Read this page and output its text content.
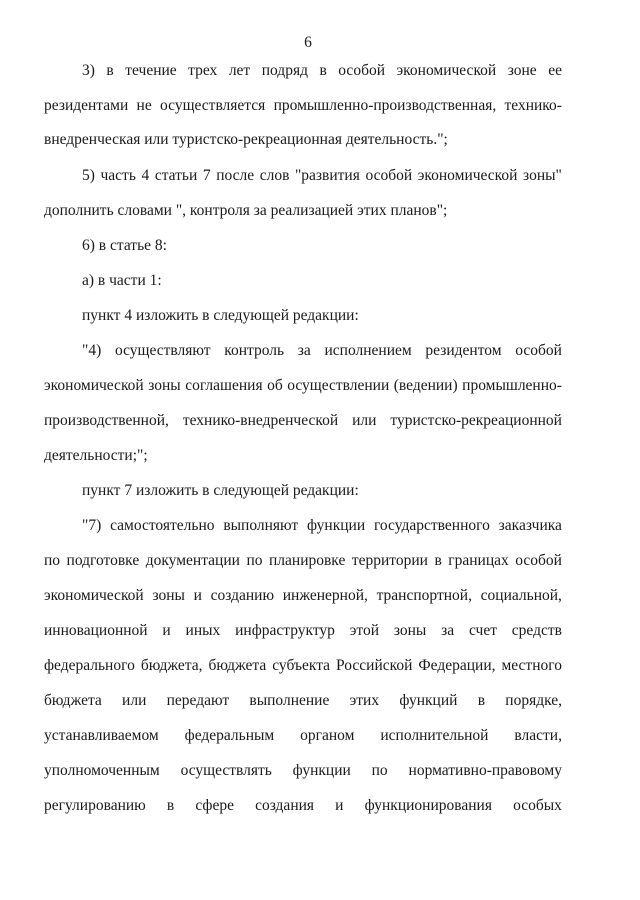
6
3) в течение трех лет подряд в особой экономической зоне ее
резидентами не осуществляется промышленно-производственная, технико-
внедренческая или туристско-рекреационная деятельность.";
5) часть 4 статьи 7 после слов "развития особой экономической зоны"
дополнить словами ", контроля за реализацией этих планов";
6) в статье 8:
а) в части 1:
пункт 4 изложить в следующей редакции:
"4) осуществляют контроль за исполнением резидентом особой
экономической зоны соглашения об осуществлении (ведении) промышленно-
производственной, технико-внедренческой или туристско-рекреационной
деятельности;";
пункт 7 изложить в следующей редакции:
"7) самостоятельно выполняют функции государственного заказчика
по подготовке документации по планировке территории в границах особой
экономической зоны и созданию инженерной, транспортной, социальной,
инновационной и иных инфраструктур этой зоны за счет средств
федерального бюджета, бюджета субъекта Российской Федерации, местного
бюджета или передают выполнение этих функций в порядке,
устанавливаемом федеральным органом исполнительной власти,
уполномоченным осуществлять функции по нормативно-правовому
регулированию в сфере создания и функционирования особых
